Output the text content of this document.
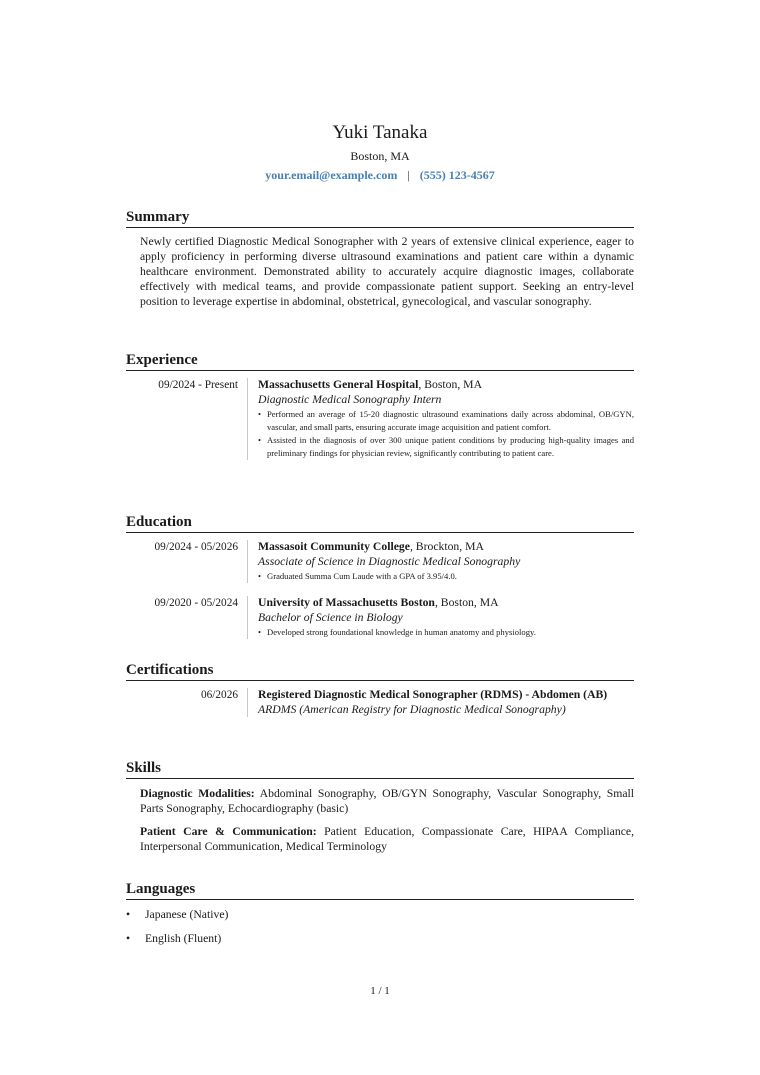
Yuki Tanaka
Boston, MA
your.email@example.com | (555) 123-4567
Summary
Newly certified Diagnostic Medical Sonographer with 2 years of extensive clinical experience, eager to apply proficiency in performing diverse ultrasound examinations and patient care within a dynamic healthcare environment. Demonstrated ability to accurately acquire diagnostic images, collaborate effectively with medical teams, and provide compassionate patient support. Seeking an entry-level position to leverage expertise in abdominal, obstetrical, gynecological, and vascular sonography.
Experience
09/2024 - Present	Massachusetts General Hospital, Boston, MA
Diagnostic Medical Sonography Intern
• Performed an average of 15-20 diagnostic ultrasound examinations daily across abdominal, OB/GYN, vascular, and small parts, ensuring accurate image acquisition and patient comfort.
• Assisted in the diagnosis of over 300 unique patient conditions by producing high-quality images and preliminary findings for physician review, significantly contributing to patient care.
Education
09/2024 - 05/2026	Massasoit Community College, Brockton, MA
Associate of Science in Diagnostic Medical Sonography
• Graduated Summa Cum Laude with a GPA of 3.95/4.0.
09/2020 - 05/2024	University of Massachusetts Boston, Boston, MA
Bachelor of Science in Biology
• Developed strong foundational knowledge in human anatomy and physiology.
Certifications
06/2026	Registered Diagnostic Medical Sonographer (RDMS) - Abdomen (AB)
ARDMS (American Registry for Diagnostic Medical Sonography)
Skills
Diagnostic Modalities: Abdominal Sonography, OB/GYN Sonography, Vascular Sonography, Small Parts Sonography, Echocardiography (basic)
Patient Care & Communication: Patient Education, Compassionate Care, HIPAA Compliance, Interpersonal Communication, Medical Terminology
Languages
• Japanese (Native)
• English (Fluent)
1 / 1
